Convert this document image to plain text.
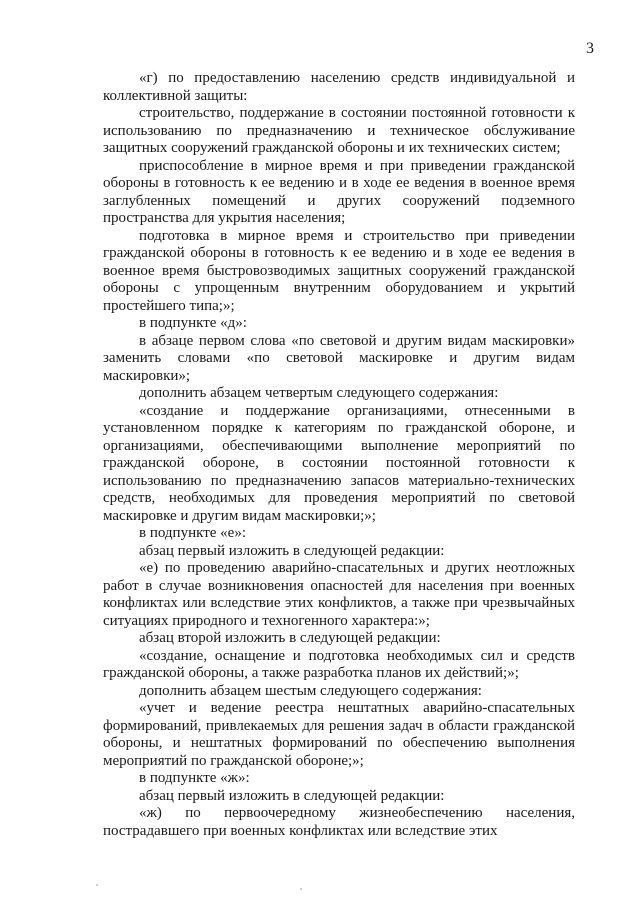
3

«г) по предоставлению населению средств индивидуальной и коллективной защиты:

строительство, поддержание в состоянии постоянной готовности к использованию по предназначению и техническое обслуживание защитных сооружений гражданской обороны и их технических систем;

приспособление в мирное время и при приведении гражданской обороны в готовность к ее ведению и в ходе ее ведения в военное время заглубленных помещений и других сооружений подземного пространства для укрытия населения;

подготовка в мирное время и строительство при приведении гражданской обороны в готовность к ее ведению и в ходе ее ведения в военное время быстровозводимых защитных сооружений гражданской обороны с упрощенным внутренним оборудованием и укрытий простейшего типа;»;

в подпункте «д»:

в абзаце первом слова «по световой и другим видам маскировки» заменить словами «по световой маскировке и другим видам маскировки»;

дополнить абзацем четвертым следующего содержания:

«создание и поддержание организациями, отнесенными в установленном порядке к категориям по гражданской обороне, и организациями, обеспечивающими выполнение мероприятий по гражданской обороне, в состоянии постоянной готовности к использованию по предназначению запасов материально-технических средств, необходимых для проведения мероприятий по световой маскировке и другим видам маскировки;»;

в подпункте «е»:

абзац первый изложить в следующей редакции:

«е) по проведению аварийно-спасательных и других неотложных работ в случае возникновения опасностей для населения при военных конфликтах или вследствие этих конфликтов, а также при чрезвычайных ситуациях природного и техногенного характера:»;

абзац второй изложить в следующей редакции:

«создание, оснащение и подготовка необходимых сил и средств гражданской обороны, а также разработка планов их действий;»;

дополнить абзацем шестым следующего содержания:

«учет и ведение реестра нештатных аварийно-спасательных формирований, привлекаемых для решения задач в области гражданской обороны, и нештатных формирований по обеспечению выполнения мероприятий по гражданской обороне;»;

в подпункте «ж»:

абзац первый изложить в следующей редакции:

«ж) по первоочередному жизнеобеспечению населения, пострадавшего при военных конфликтах или вследствие этих
